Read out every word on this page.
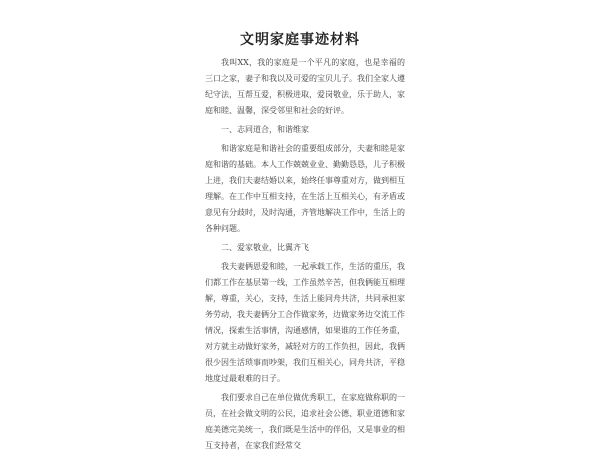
文明家庭事迹材料

我叫XX，我的家庭是一个平凡的家庭，也是幸福的三口之家，妻子和我以及可爱的宝贝儿子。我们全家人遵纪守法，互帮互爱，积极进取，爱岗敬业，乐于助人，家庭和睦、温馨，深受邻里和社会的好评。

一、志同道合，和谐维家

和谐家庭是和谐社会的重要组成部分，夫妻和睦是家庭和谐的基础。本人工作兢兢业业、勤勤恳恳，儿子积极上进，我们夫妻结婚以来，始终任事尊重对方，做到相互理解。在工作中互相支持，在生活上互相关心，有矛盾或意见有分歧时，及时沟通，齐管地解决工作中，生活上的各种问题。

二、爱家敬业，比翼齐飞

我夫妻俩恩爱和睦，一起承载工作，生活的重压，我们都工作在基层第一线，工作虽然辛苦，但我俩能互相理解，尊重，关心，支持，生活上能同舟共济，共同承担家务劳动，我夫妻俩分工合作做家务，边做家务边交流工作情况，探索生活事情，沟通感情，如果谁的工作任务重，对方就主动做好家务，减轻对方的工作负担，因此，我俩很少因生活琐事而吵架，我们互相关心，同舟共济，平稳地度过最艰难的日子。

我们要求自己在单位做优秀职工，在家庭做称职的一员，在社会做文明的公民，追求社会公德、职业道德和家庭美德完美统一，我们既是生活中的伴侣，又是事业的相互支持者，在家我们经常交
